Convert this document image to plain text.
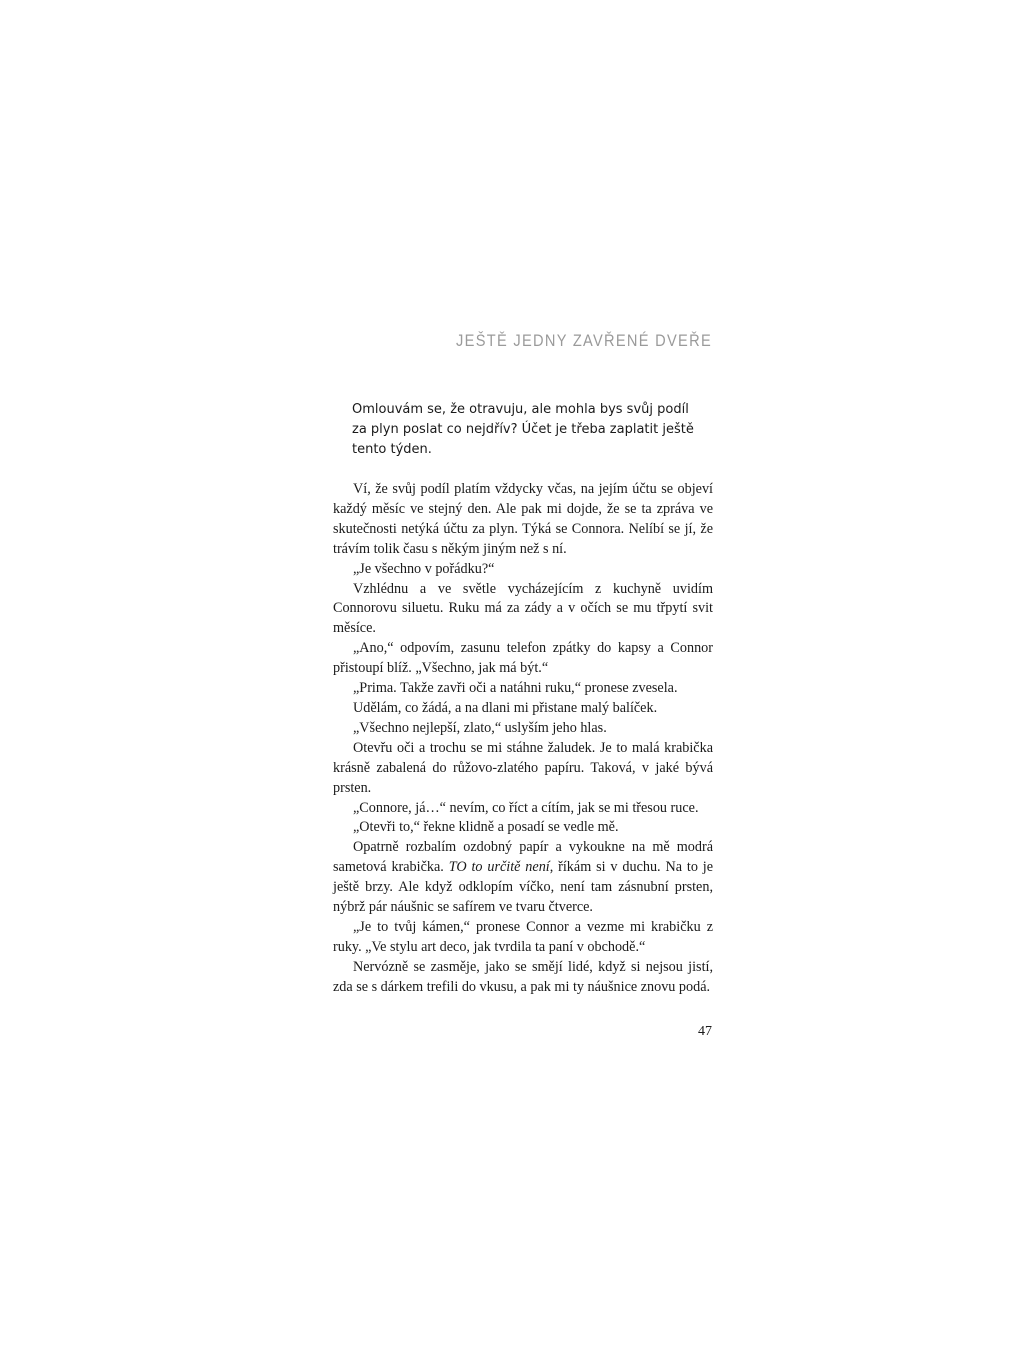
JEŠTĚ JEDNY ZAVŘENÉ DVEŘE
Omlouvám se, že otravuju, ale mohla bys svůj podíl za plyn poslat co nejdřív? Účet je třeba zaplatit ještě tento týden.

Ví, že svůj podíl platím vždycky včas, na jejím účtu se objeví každý měsíc ve stejný den. Ale pak mi dojde, že se ta zpráva ve skutečnosti netýká účtu za plyn. Týká se Connora. Nelíbí se jí, že trávím tolik času s někým jiným než s ní.

„Je všechno v pořádku?“

Vzhlédnu a ve světle vycházejícím z kuchyně uvidím Connorovu siluetu. Ruku má za zády a v očích se mu třpytí svit měsíce.

„Ano,“ odpovím, zasunu telefon zpátky do kapsy a Connor přistoupí blíž. „Všechno, jak má být.“

„Prima. Takže zavři oči a natáhni ruku,“ pronese zvesela.

Udělám, co žádá, a na dlani mi přistane malý balíček.

„Všechno nejlepší, zlato,“ uslyším jeho hlas.

Otevřu oči a trochu se mi stáhne žaludek. Je to malá krabička krásně zabalená do růžovo-zlatého papíru. Taková, v jaké bývá prsten.

„Connore, já…“ nevím, co říct a cítím, jak se mi třesou ruce.

„Otevři to,“ řekne klidně a posadí se vedle mě.

Opatrně rozbalím ozdobný papír a vykoukne na mě modrá sametová krabička. TO to určitě není, říkám si v duchu. Na to je ještě brzy. Ale když odklopím víčko, není tam zásnubní prsten, nýbrž pár náušnic se safírem ve tvaru čtverce.

„Je to tvůj kámen,“ pronese Connor a vezme mi krabičku z ruky. „Ve stylu art deco, jak tvrdila ta paní v obchodě.“

Nervózně se zasměje, jako se smějí lidé, když si nejsou jistí, zda se s dárkem trefili do vkusu, a pak mi ty náušnice znovu podá.

47
